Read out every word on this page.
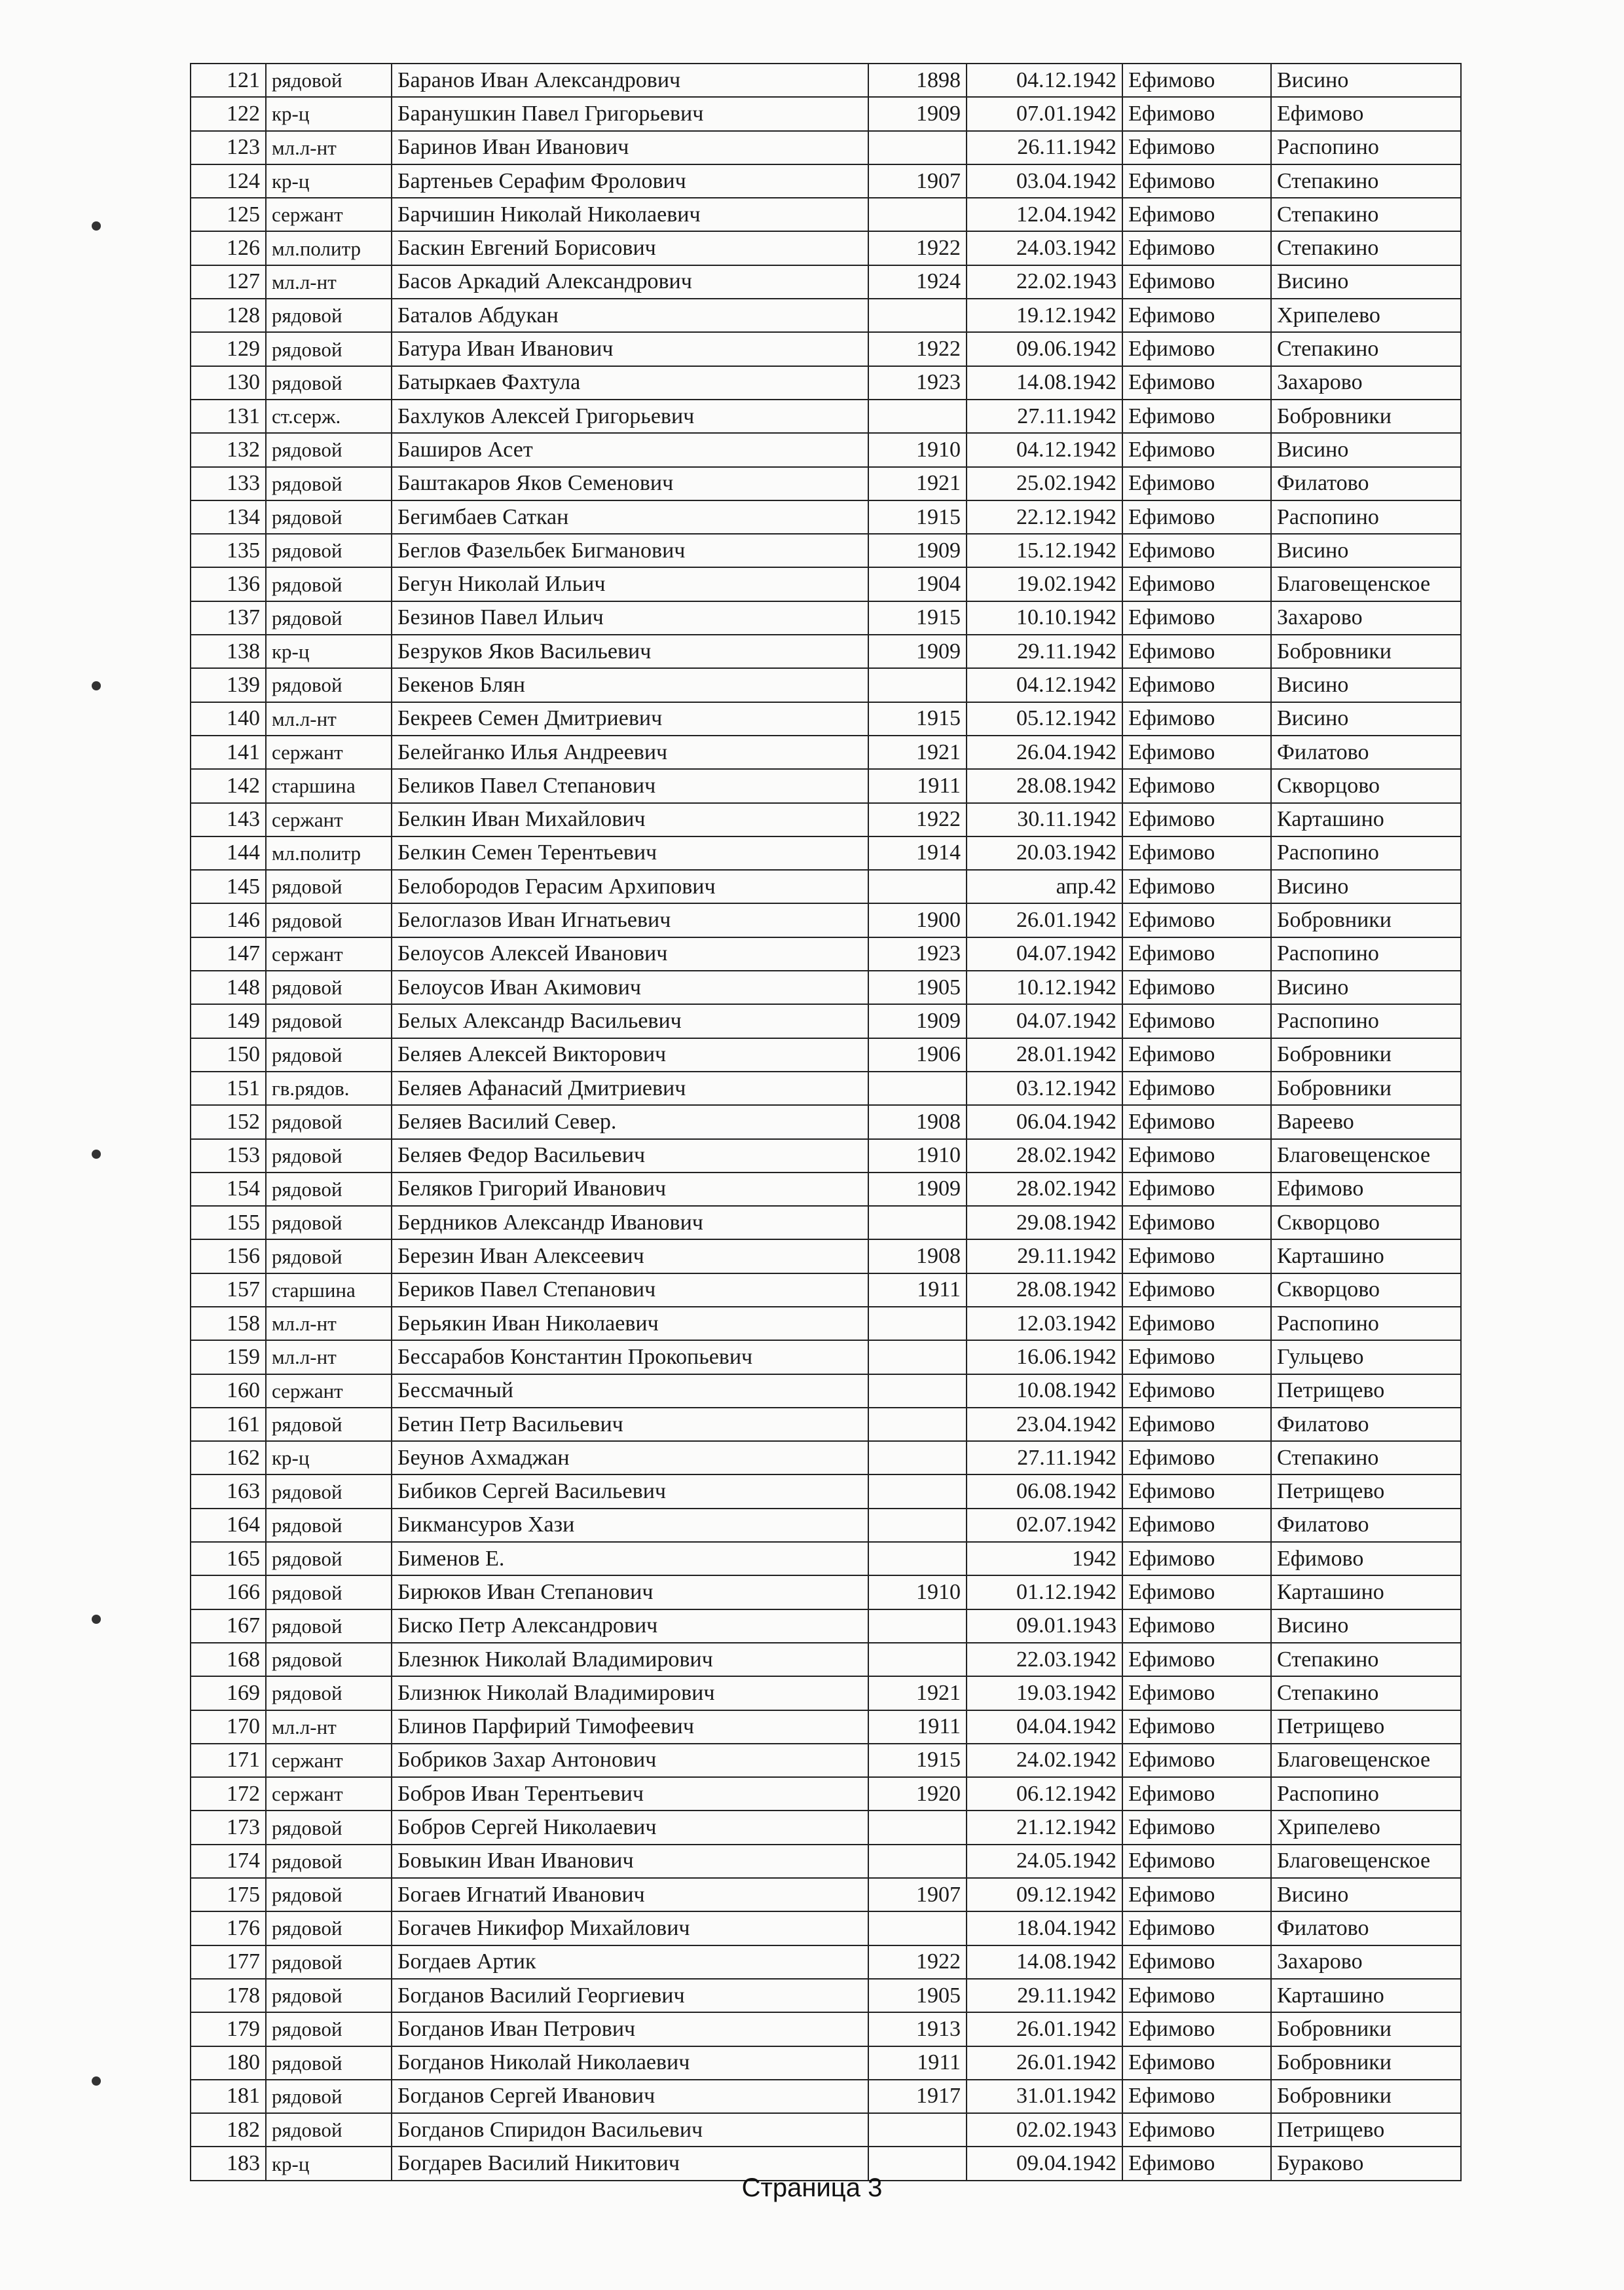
121	рядовой	Баранов Иван Александрович	1898	04.12.1942	Ефимово	Висино
122	кр-ц	Баранушкин Павел Григорьевич	1909	07.01.1942	Ефимово	Ефимово
123	мл.л-нт	Баринов Иван Иванович		26.11.1942	Ефимово	Распопино
124	кр-ц	Бартеньев Серафим Фролович	1907	03.04.1942	Ефимово	Степакино
125	сержант	Барчишин Николай Николаевич		12.04.1942	Ефимово	Степакино
126	мл.политр	Баскин Евгений Борисович	1922	24.03.1942	Ефимово	Степакино
127	мл.л-нт	Басов Аркадий Александрович	1924	22.02.1943	Ефимово	Висино
128	рядовой	Баталов Абдукан		19.12.1942	Ефимово	Хрипелево
129	рядовой	Батура Иван Иванович	1922	09.06.1942	Ефимово	Степакино
130	рядовой	Батыркаев Фахтула	1923	14.08.1942	Ефимово	Захарово
131	ст.серж.	Бахлуков Алексей Григорьевич		27.11.1942	Ефимово	Бобровники
132	рядовой	Баширов Асет	1910	04.12.1942	Ефимово	Висино
133	рядовой	Баштакаров Яков Семенович	1921	25.02.1942	Ефимово	Филатово
134	рядовой	Бегимбаев Саткан	1915	22.12.1942	Ефимово	Распопино
135	рядовой	Беглов Фазельбек Бигманович	1909	15.12.1942	Ефимово	Висино
136	рядовой	Бегун Николай Ильич	1904	19.02.1942	Ефимово	Благовещенское
137	рядовой	Безинов Павел Ильич	1915	10.10.1942	Ефимово	Захарово
138	кр-ц	Безруков Яков Васильевич	1909	29.11.1942	Ефимово	Бобровники
139	рядовой	Бекенов Блян		04.12.1942	Ефимово	Висино
140	мл.л-нт	Бекреев Семен Дмитриевич	1915	05.12.1942	Ефимово	Висино
141	сержант	Белейганко Илья Андреевич	1921	26.04.1942	Ефимово	Филатово
142	старшина	Беликов Павел Степанович	1911	28.08.1942	Ефимово	Скворцово
143	сержант	Белкин Иван Михайлович	1922	30.11.1942	Ефимово	Карташино
144	мл.политр	Белкин Семен Терентьевич	1914	20.03.1942	Ефимово	Распопино
145	рядовой	Белобородов Герасим Архипович		апр.42	Ефимово	Висино
146	рядовой	Белоглазов Иван Игнатьевич	1900	26.01.1942	Ефимово	Бобровники
147	сержант	Белоусов Алексей Иванович	1923	04.07.1942	Ефимово	Распопино
148	рядовой	Белоусов Иван Акимович	1905	10.12.1942	Ефимово	Висино
149	рядовой	Белых Александр Васильевич	1909	04.07.1942	Ефимово	Распопино
150	рядовой	Беляев Алексей Викторович	1906	28.01.1942	Ефимово	Бобровники
151	гв.рядов.	Беляев Афанасий Дмитриевич		03.12.1942	Ефимово	Бобровники
152	рядовой	Беляев Василий Север.	1908	06.04.1942	Ефимово	Вареево
153	рядовой	Беляев Федор Васильевич	1910	28.02.1942	Ефимово	Благовещенское
154	рядовой	Беляков Григорий Иванович	1909	28.02.1942	Ефимово	Ефимово
155	рядовой	Бердников Александр Иванович		29.08.1942	Ефимово	Скворцово
156	рядовой	Березин Иван Алексеевич	1908	29.11.1942	Ефимово	Карташино
157	старшина	Бериков Павел Степанович	1911	28.08.1942	Ефимово	Скворцово
158	мл.л-нт	Берьякин Иван Николаевич		12.03.1942	Ефимово	Распопино
159	мл.л-нт	Бессарабов Константин Прокопьевич		16.06.1942	Ефимово	Гульцево
160	сержант	Бессмачный		10.08.1942	Ефимово	Петрищево
161	рядовой	Бетин Петр Васильевич		23.04.1942	Ефимово	Филатово
162	кр-ц	Беунов Ахмаджан		27.11.1942	Ефимово	Степакино
163	рядовой	Бибиков Сергей Васильевич		06.08.1942	Ефимово	Петрищево
164	рядовой	Бикмансуров Хази		02.07.1942	Ефимово	Филатово
165	рядовой	Бименов Е.		1942	Ефимово	Ефимово
166	рядовой	Бирюков Иван Степанович	1910	01.12.1942	Ефимово	Карташино
167	рядовой	Биско Петр Александрович		09.01.1943	Ефимово	Висино
168	рядовой	Блезнюк Николай Владимирович		22.03.1942	Ефимово	Степакино
169	рядовой	Близнюк Николай Владимирович	1921	19.03.1942	Ефимово	Степакино
170	мл.л-нт	Блинов Парфирий Тимофеевич	1911	04.04.1942	Ефимово	Петрищево
171	сержант	Бобриков Захар Антонович	1915	24.02.1942	Ефимово	Благовещенское
172	сержант	Бобров Иван Терентьевич	1920	06.12.1942	Ефимово	Распопино
173	рядовой	Бобров Сергей Николаевич		21.12.1942	Ефимово	Хрипелево
174	рядовой	Бовыкин Иван Иванович		24.05.1942	Ефимово	Благовещенское
175	рядовой	Богаев Игнатий Иванович	1907	09.12.1942	Ефимово	Висино
176	рядовой	Богачев Никифор Михайлович		18.04.1942	Ефимово	Филатово
177	рядовой	Богдаев Артик	1922	14.08.1942	Ефимово	Захарово
178	рядовой	Богданов Василий Георгиевич	1905	29.11.1942	Ефимово	Карташино
179	рядовой	Богданов Иван Петрович	1913	26.01.1942	Ефимово	Бобровники
180	рядовой	Богданов Николай Николаевич	1911	26.01.1942	Ефимово	Бобровники
181	рядовой	Богданов Сергей Иванович	1917	31.01.1942	Ефимово	Бобровники
182	рядовой	Богданов Спиридон Васильевич		02.02.1943	Ефимово	Петрищево
183	кр-ц	Богдарев Василий Никитович		09.04.1942	Ефимово	Бураково
Страница 3
